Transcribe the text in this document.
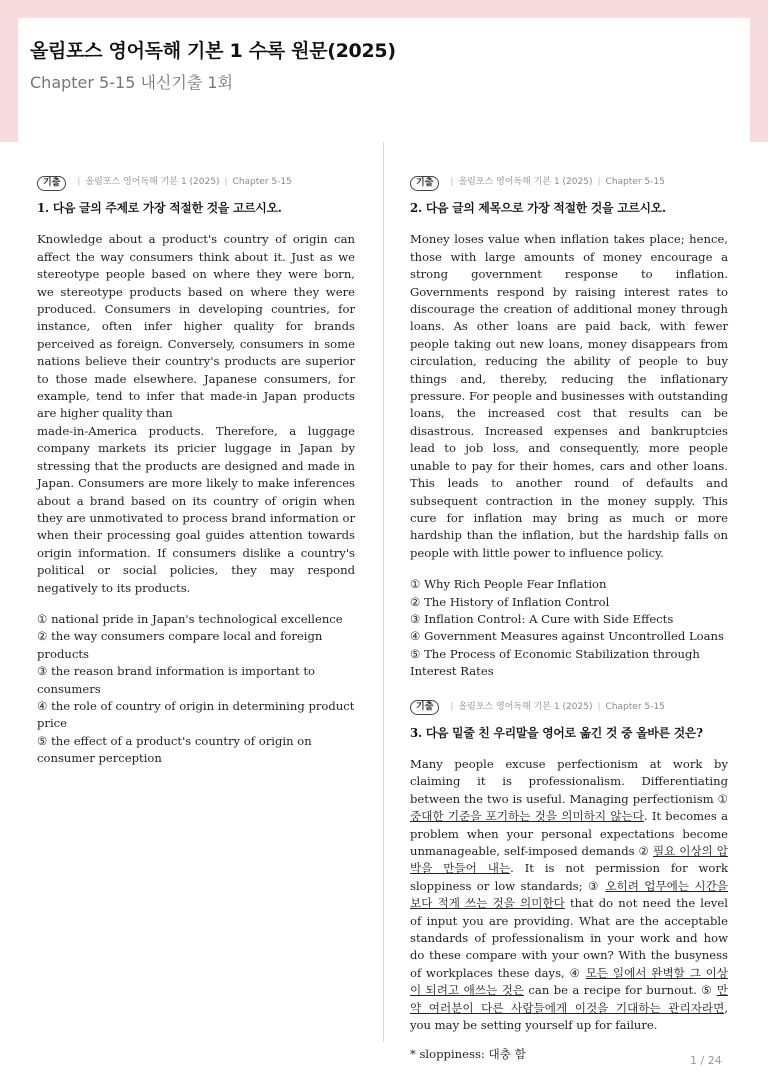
올림포스 영어독해 기본 1 수록 원문(2025)
Chapter 5-15 내신기출 1회
기출	| 올림포스 영어독해 기본 1 (2025) | Chapter 5-15
1. 다음 글의 주제로 가장 적절한 것을 고르시오.

Knowledge about a product's country of origin can affect the way consumers think about it. Just as we stereotype people based on where they were born, we stereotype products based on where they were produced. Consumers in developing countries, for instance, often infer higher quality for brands perceived as foreign. Conversely, consumers in some nations believe their country's products are superior to those made elsewhere. Japanese consumers, for example, tend to infer that made-in Japan products are higher quality than

made-in-America products. Therefore, a luggage company markets its pricier luggage in Japan by stressing that the products are designed and made in Japan. Consumers are more likely to make inferences about a brand based on its country of origin when they are unmotivated to process brand information or when their processing goal guides attention towards origin information. If consumers dislike a country's political or social policies, they may respond negatively to its products.

① national pride in Japan's technological excellence
② the way consumers compare local and foreign products
③ the reason brand information is important to consumers
④ the role of country of origin in determining product price
⑤ the effect of a product's country of origin on consumer perception
기출	| 올림포스 영어독해 기본 1 (2025) | Chapter 5-15
2. 다음 글의 제목으로 가장 적절한 것을 고르시오.

Money loses value when inflation takes place; hence, those with large amounts of money encourage a strong government response to inflation. Governments respond by raising interest rates to discourage the creation of additional money through loans. As other loans are paid back, with fewer people taking out new loans, money disappears from circulation, reducing the ability of people to buy things and, thereby, reducing the inflationary pressure. For people and businesses with outstanding loans, the increased cost that results can be disastrous. Increased expenses and bankruptcies lead to job loss, and consequently, more people unable to pay for their homes, cars and other loans. This leads to another round of defaults and subsequent contraction in the money supply. This cure for inflation may bring as much or more hardship than the inflation, but the hardship falls on people with little power to influence policy.

① Why Rich People Fear Inflation
② The History of Inflation Control
③ Inflation Control: A Cure with Side Effects
④ Government Measures against Uncontrolled Loans
⑤ The Process of Economic Stabilization through Interest Rates
기출	| 올림포스 영어독해 기본 1 (2025) | Chapter 5-15
3. 다음 밑줄 친 우리말을 영어로 옮긴 것 중 올바른 것은?

Many people excuse perfectionism at work by claiming it is professionalism. Differentiating between the two is useful. Managing perfectionism ① 중대한 기준을 포기하는 것을 의미하지 않는다. It becomes a problem when your personal expectations become unmanageable, self-imposed demands ② 필요 이상의 압박을 만들어 내는. It is not permission for work sloppiness or low standards; ③ 오히려 업무에는 시간을 보다 적게 쓰는 것을 의미한다 that do not need the level of input you are providing. What are the acceptable standards of professionalism in your work and how do these compare with your own? With the busyness of workplaces these days, ④ 모든 일에서 완벽할 그 이상이 되려고 애쓰는 것은 can be a recipe for burnout. ⑤ 만약 여러분이 다른 사람들에게 이것을 기대하는 관리자라면, you may be setting yourself up for failure.

* sloppiness: 대충 함	1 / 24
